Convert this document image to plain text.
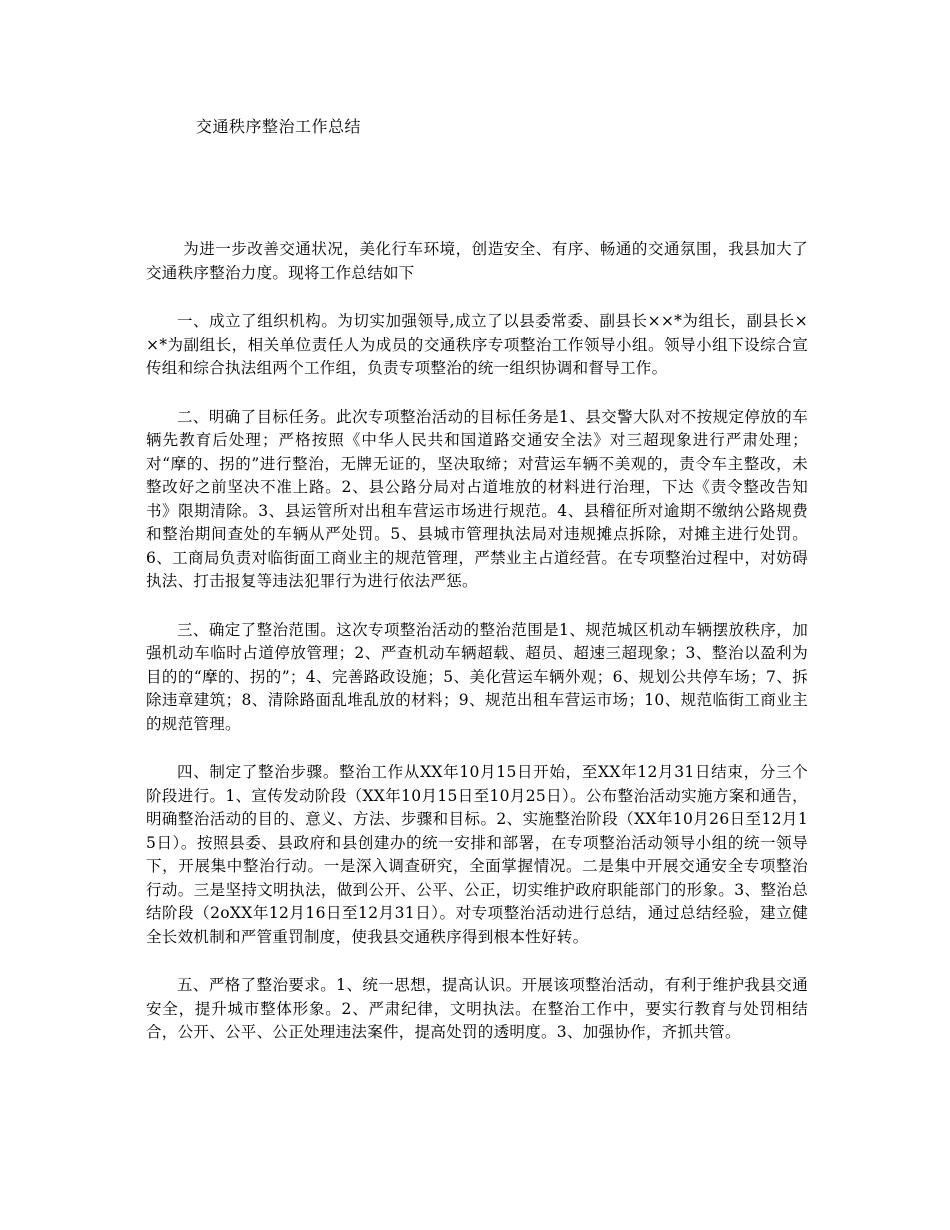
交通秩序整治工作总结

为进一步改善交通状况，美化行车环境，创造安全、有序、畅通的交通氛围，我县加大了交通秩序整治力度。现将工作总结如下

一、成立了组织机构。为切实加强领导,成立了以县委常委、副县长××*为组长，副县长××*为副组长，相关单位责任人为成员的交通秩序专项整治工作领导小组。领导小组下设综合宣传组和综合执法组两个工作组，负责专项整治的统一组织协调和督导工作。

二、明确了目标任务。此次专项整治活动的目标任务是1、县交警大队对不按规定停放的车辆先教育后处理；严格按照《中华人民共和国道路交通安全法》对三超现象进行严肃处理；对“摩的、拐的”进行整治，无牌无证的，坚决取缔；对营运车辆不美观的，责令车主整改，未整改好之前坚决不准上路。2、县公路分局对占道堆放的材料进行治理，下达《责令整改告知书》限期清除。3、县运管所对出租车营运市场进行规范。4、县稽征所对逾期不缴纳公路规费和整治期间查处的车辆从严处罚。5、县城市管理执法局对违规摊点拆除，对摊主进行处罚。6、工商局负责对临街面工商业主的规范管理，严禁业主占道经营。在专项整治过程中，对妨碍执法、打击报复等违法犯罪行为进行依法严惩。

三、确定了整治范围。这次专项整治活动的整治范围是1、规范城区机动车辆摆放秩序，加强机动车临时占道停放管理；2、严查机动车辆超载、超员、超速三超现象；3、整治以盈利为目的的“摩的、拐的”；4、完善路政设施；5、美化营运车辆外观；6、规划公共停车场；7、拆除违章建筑；8、清除路面乱堆乱放的材料；9、规范出租车营运市场；10、规范临街工商业主的规范管理。

四、制定了整治步骤。整治工作从XX年10月15日开始，至XX年12月31日结束，分三个阶段进行。1、宣传发动阶段（XX年10月15日至10月25日）。公布整治活动实施方案和通告，明确整治活动的目的、意义、方法、步骤和目标。2、实施整治阶段（XX年10月26日至12月15日）。按照县委、县政府和县创建办的统一安排和部署，在专项整治活动领导小组的统一领导下，开展集中整治行动。一是深入调查研究，全面掌握情况。二是集中开展交通安全专项整治行动。三是坚持文明执法，做到公开、公平、公正，切实维护政府职能部门的形象。3、整治总结阶段（2oXX年12月16日至12月31日）。对专项整治活动进行总结，通过总结经验，建立健全长效机制和严管重罚制度，使我县交通秩序得到根本性好转。

五、严格了整治要求。1、统一思想，提高认识。开展该项整治活动，有利于维护我县交通安全，提升城市整体形象。2、严肃纪律，文明执法。在整治工作中，要实行教育与处罚相结合，公开、公平、公正处理违法案件，提高处罚的透明度。3、加强协作，齐抓共管。
